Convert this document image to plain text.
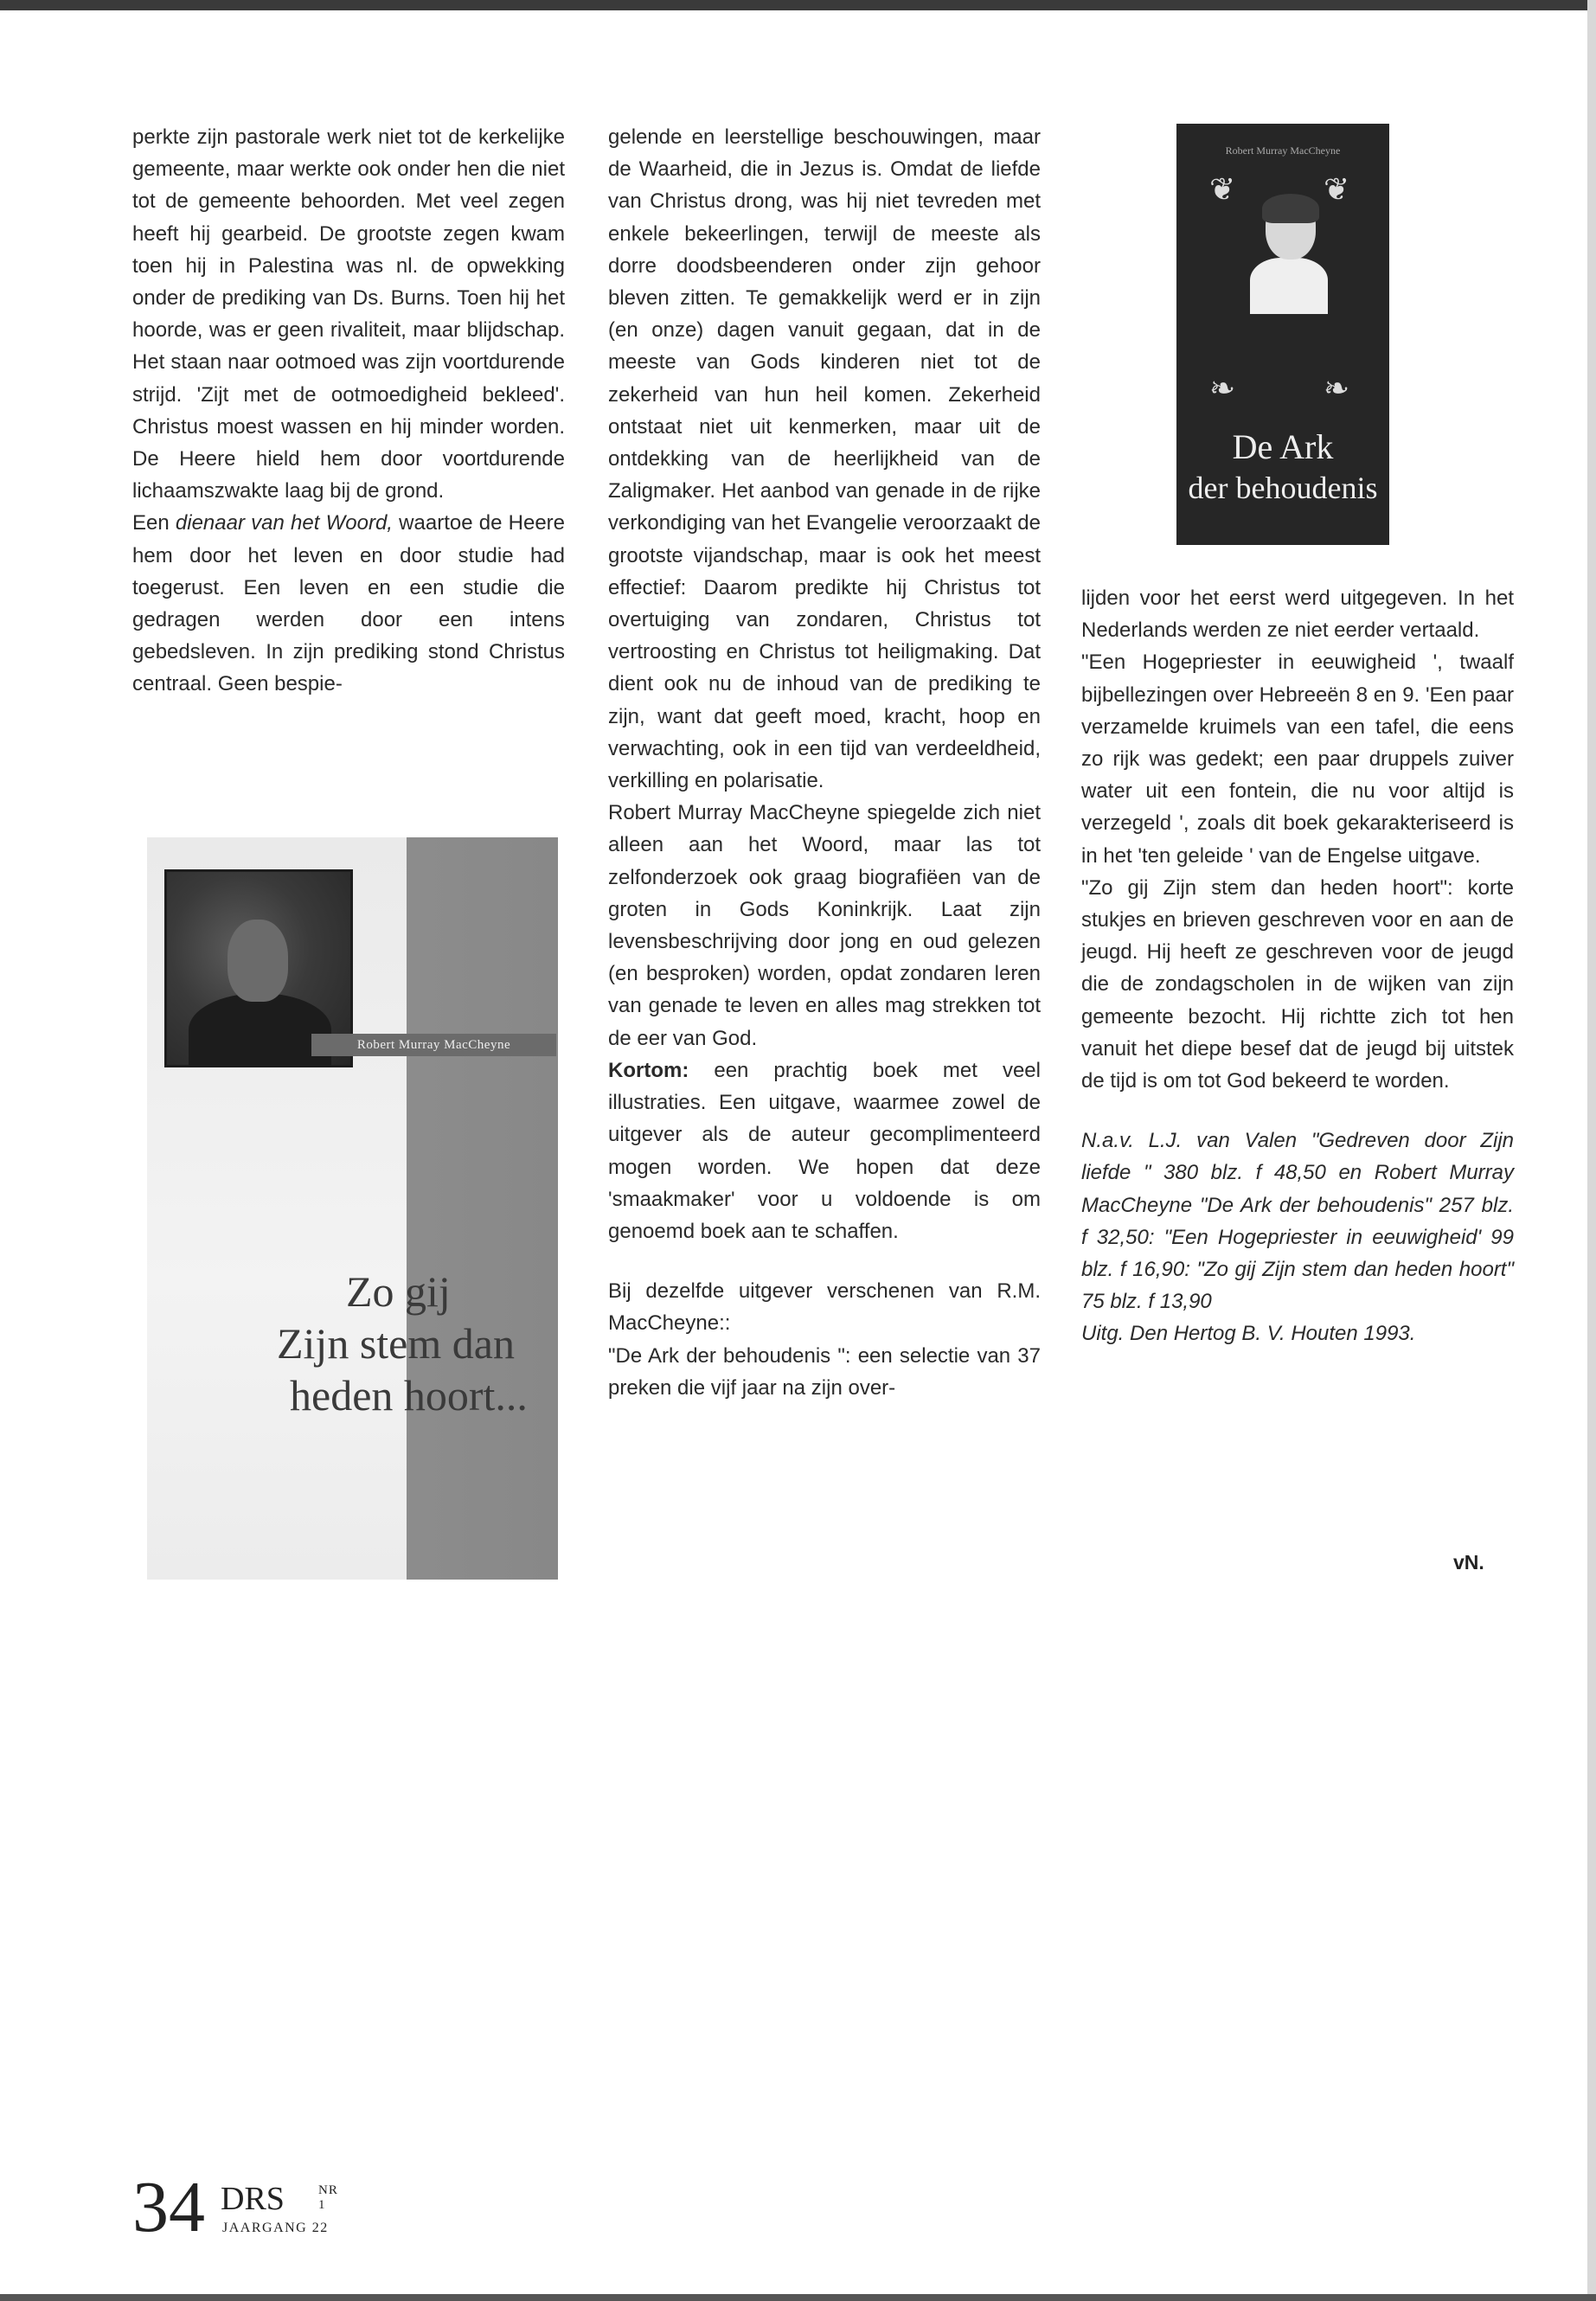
perkte zijn pastorale werk niet tot de kerkelijke gemeente, maar werkte ook onder hen die niet tot de gemeente behoorden. Met veel zegen heeft hij gearbeid. De grootste zegen kwam toen hij in Palestina was nl. de opwekking onder de prediking van Ds. Burns. Toen hij het hoorde, was er geen rivaliteit, maar blijdschap. Het staan naar ootmoed was zijn voortdurende strijd. 'Zijt met de ootmoedigheid bekleed'. Christus moest wassen en hij minder worden. De Heere hield hem door voortdurende lichaamszwakte laag bij de grond.

Een dienaar van het Woord, waartoe de Heere hem door het leven en door studie had toegerust. Een leven en een studie die gedragen werden door een intens gebedsleven. In zijn prediking stond Christus centraal. Geen bespie-

Robert Murray MacCheyne
Zo gij
Zijn stem dan
heden hoort...

gelende en leerstellige beschouwingen, maar de Waarheid, die in Jezus is. Omdat de liefde van Christus drong, was hij niet tevreden met enkele bekeerlingen, terwijl de meeste als dorre doodsbeenderen onder zijn gehoor bleven zitten. Te gemakkelijk werd er in zijn (en onze) dagen vanuit gegaan, dat in de meeste van Gods kinderen niet tot de zekerheid van hun heil komen. Zekerheid ontstaat niet uit kenmerken, maar uit de ontdekking van de heerlijkheid van de Zaligmaker. Het aanbod van genade in de rijke verkondiging van het Evangelie veroorzaakt de grootste vijandschap, maar is ook het meest effectief: Daarom predikte hij Christus tot overtuiging van zondaren, Christus tot vertroosting en Christus tot heiligmaking. Dat dient ook nu de inhoud van de prediking te zijn, want dat geeft moed, kracht, hoop en verwachting, ook in een tijd van verdeeldheid, verkilling en polarisatie.

Robert Murray MacCheyne spiegelde zich niet alleen aan het Woord, maar las tot zelfonderzoek ook graag biografiëen van de groten in Gods Koninkrijk. Laat zijn levensbeschrijving door jong en oud gelezen (en besproken) worden, opdat zondaren leren van genade te leven en alles mag strekken tot de eer van God.

Kortom: een prachtig boek met veel illustraties. Een uitgave, waarmee zowel de uitgever als de auteur gecomplimenteerd mogen worden. We hopen dat deze 'smaakmaker' voor u voldoende is om genoemd boek aan te schaffen.

Bij dezelfde uitgever verschenen van R.M. MacCheyne::

"De Ark der behoudenis ": een selectie van 37 preken die vijf jaar na zijn over-

Robert Murray MacCheyne
❦	❦
❧	❧
De Ark
der behoudenis

lijden voor het eerst werd uitgegeven. In het Nederlands werden ze niet eerder vertaald.

"Een Hogepriester in eeuwigheid ', twaalf bijbellezingen over Hebreeën 8 en 9. 'Een paar verzamelde kruimels van een tafel, die eens zo rijk was gedekt; een paar druppels zuiver water uit een fontein, die nu voor altijd is verzegeld ', zoals dit boek gekarakteriseerd is in het 'ten geleide ' van de Engelse uitgave.

"Zo gij Zijn stem dan heden hoort": korte stukjes en brieven geschreven voor en aan de jeugd. Hij heeft ze geschreven voor de jeugd die de zondagscholen in de wijken van zijn gemeente bezocht. Hij richtte zich tot hen vanuit het diepe besef dat de jeugd bij uitstek de tijd is om tot God bekeerd te worden.

N.a.v. L.J. van Valen "Gedreven door Zijn liefde " 380 blz. f 48,50 en Robert Murray MacCheyne "De Ark der behoudenis" 257 blz. f 32,50: "Een Hogepriester in eeuwigheid' 99 blz. f 16,90: "Zo gij Zijn stem dan heden hoort" 75 blz. f 13,90

Uitg. Den Hertog B. V. Houten 1993.

vN.
34 DRS	NR 1
JAARGANG 22
